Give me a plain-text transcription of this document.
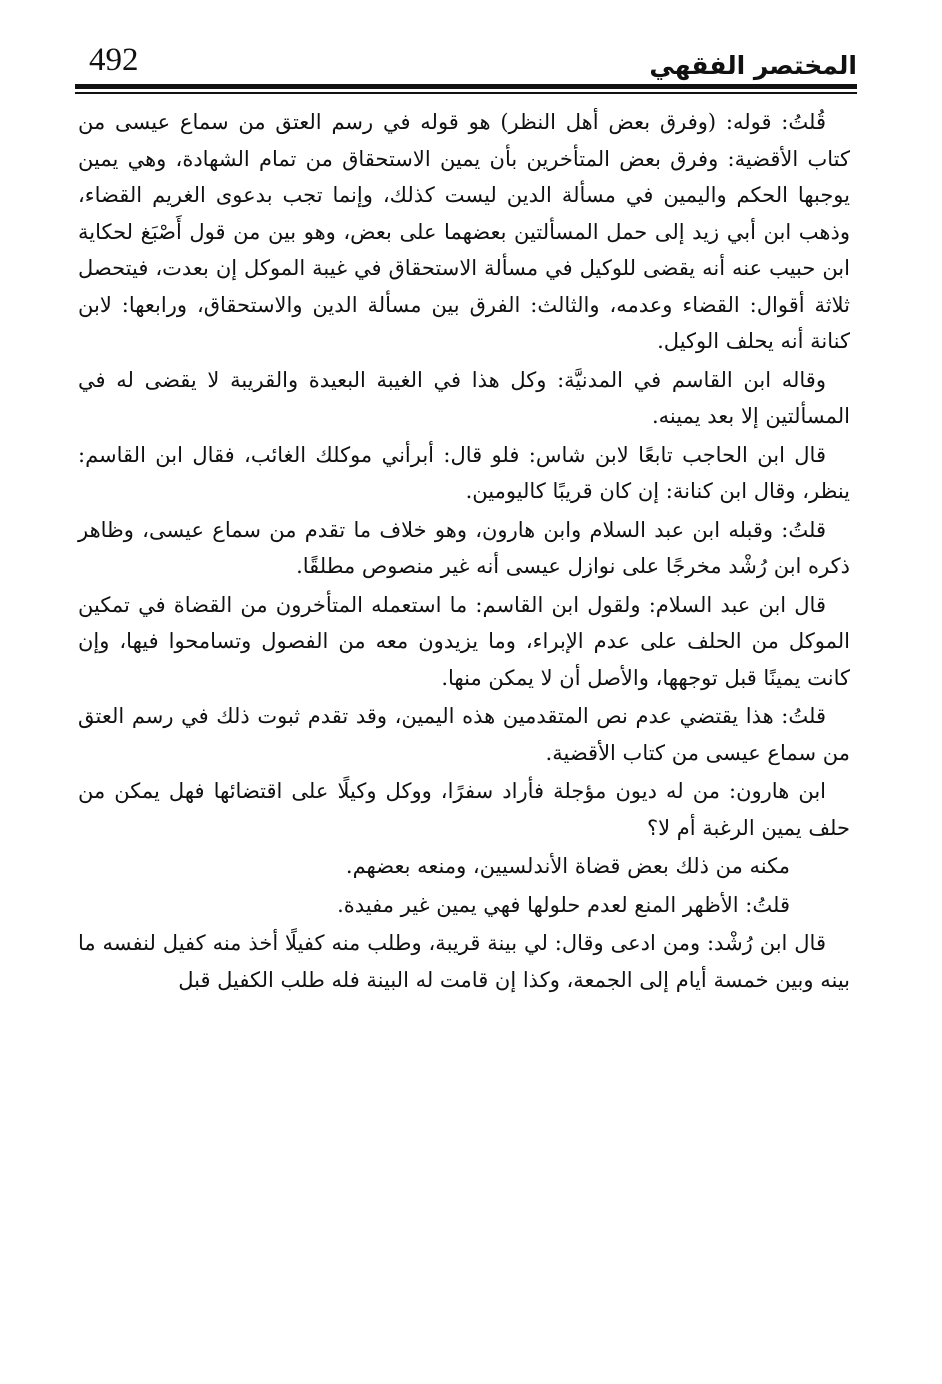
492	المختصر الفقهي

قُلتُ: قوله: (وفرق بعض أهل النظر) هو قوله في رسم العتق من سماع عيسى من كتاب الأقضية: وفرق بعض المتأخرين بأن يمين الاستحقاق من تمام الشهادة، وهي يمين يوجبها الحكم واليمين في مسألة الدين ليست كذلك، وإنما تجب بدعوى الغريم القضاء، وذهب ابن أبي زيد إلى حمل المسألتين بعضهما على بعض، وهو بين من قول أَصْبَغ لحكاية ابن حبيب عنه أنه يقضى للوكيل في مسألة الاستحقاق في غيبة الموكل إن بعدت، فيتحصل ثلاثة أقوال: القضاء وعدمه، والثالث: الفرق بين مسألة الدين والاستحقاق، ورابعها: لابن كنانة أنه يحلف الوكيل.

وقاله ابن القاسم في المدنيَّة: وكل هذا في الغيبة البعيدة والقريبة لا يقضى له في المسألتين إلا بعد يمينه.

قال ابن الحاجب تابعًا لابن شاس: فلو قال: أبرأني موكلك الغائب، فقال ابن القاسم: ينظر، وقال ابن كنانة: إن كان قريبًا كاليومين.

قلتُ: وقبله ابن عبد السلام وابن هارون، وهو خلاف ما تقدم من سماع عيسى، وظاهر ذكره ابن رُشْد مخرجًا على نوازل عيسى أنه غير منصوص مطلقًا.

قال ابن عبد السلام: ولقول ابن القاسم: ما استعمله المتأخرون من القضاة في تمكين الموكل من الحلف على عدم الإبراء، وما يزيدون معه من الفصول وتسامحوا فيها، وإن كانت يمينًا قبل توجهها، والأصل أن لا يمكن منها.

قلتُ: هذا يقتضي عدم نص المتقدمين هذه اليمين، وقد تقدم ثبوت ذلك في رسم العتق من سماع عيسى من كتاب الأقضية.

ابن هارون: من له ديون مؤجلة فأراد سفرًا، ووكل وكيلًا على اقتضائها فهل يمكن من حلف يمين الرغبة أم لا؟

مكنه من ذلك بعض قضاة الأندلسيين، ومنعه بعضهم.

قلتُ: الأظهر المنع لعدم حلولها فهي يمين غير مفيدة.

قال ابن رُشْد: ومن ادعى وقال: لي بينة قريبة، وطلب منه كفيلًا أخذ منه كفيل لنفسه ما بينه وبين خمسة أيام إلى الجمعة، وكذا إن قامت له البينة فله طلب الكفيل قبل
